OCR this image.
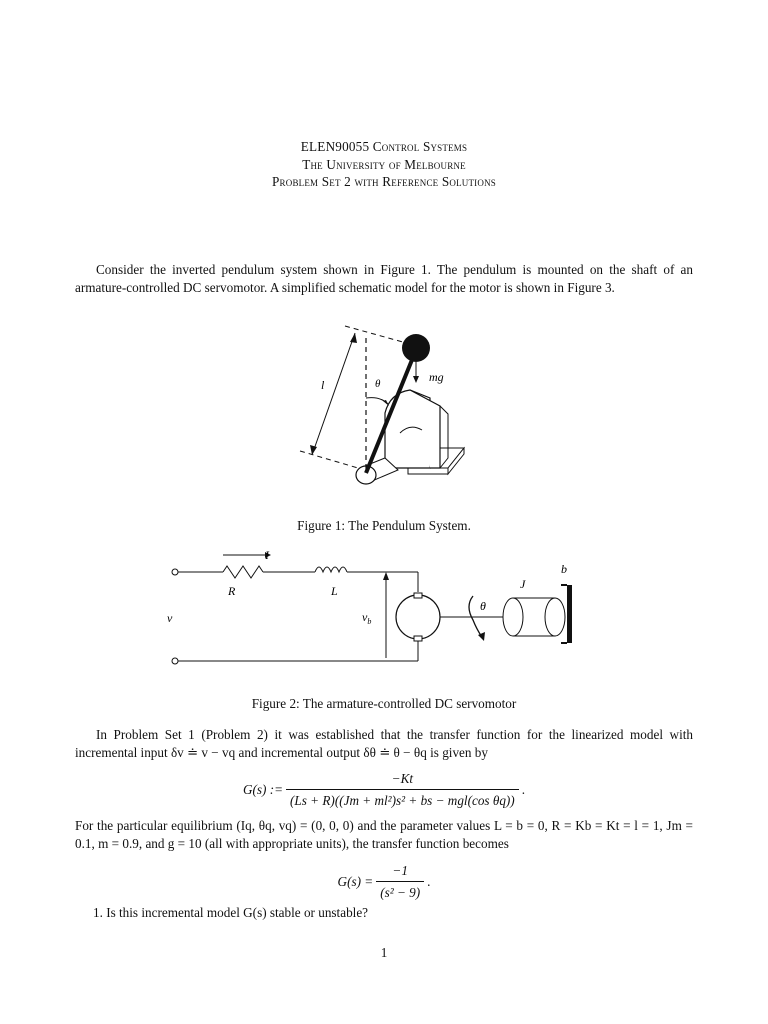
ELEN90055 Control Systems
The University of Melbourne
Problem Set 2 with Reference Solutions
Consider the inverted pendulum system shown in Figure 1. The pendulum is mounted on the shaft of an armature-controlled DC servomotor. A simplified schematic model for the motor is shown in Figure 3.
l	θ	mg
Figure 1: The Pendulum System.
I
R	L
v	$v_b$
J
b
θ
Figure 2: The armature-controlled DC servomotor
In Problem Set 1 (Problem 2) it was established that the transfer function for the linearized model with incremental input δv ≐ v − vq and incremental output δθ ≐ θ − θq is given by
G(s) := $\frac{-Kt}{\text{(Ls + R)((Jm + ml²)s² + bs − mgl(cos θq))}}$ .
For the particular equilibrium (Iq, θq, vq) = (0, 0, 0) and the parameter values L = b = 0, R = Kb = Kt = l = 1, Jm = 0.1, m = 0.9, and g = 10 (all with appropriate units), the transfer function becomes
$G(s) = \frac{-1}{\text{(s² − 9)}}$ .
1. Is this incremental model G(s) stable or unstable?
1
